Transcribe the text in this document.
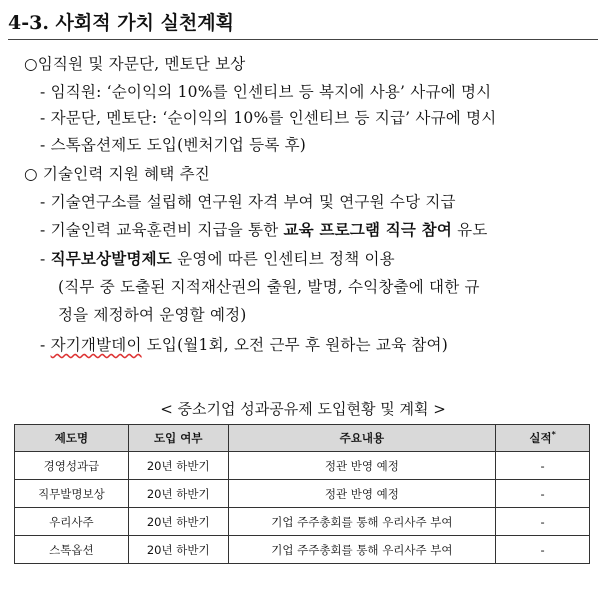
4-3. 사회적 가치 실천계획
○임직원 및 자문단, 멘토단 보상
- 임직원: ‘순이익의 10%를 인센티브 등 복지에 사용’ 사규에 명시
- 자문단, 멘토단: ‘순이익의 10%를 인센티브 등 지급’ 사규에 명시
- 스톡옵션제도 도입(벤처기업 등록 후)
○ 기술인력 지원 혜택 추진
- 기술연구소를 설립해 연구원 자격 부여 및 연구원 수당 지급
- 기술인력 교육훈련비 지급을 통한 교육 프로그램 직극 참여 유도
- 직무보상발명제도 운영에 따른 인센티브 정책 이용
(직무 중 도출된 지적재산권의 출원, 발명, 수익창출에 대한 규
정을 제정하여 운영할 예정)
- 자기개발데이 도입(월1회, 오전 근무 후 원하는 교육 참여)
< 중소기업 성과공유제 도입현황 및 계획 >
제도명	도입 여부	주요내용	실적*
경영성과급	20년 하반기	정관 반영 예정	-
직무발명보상	20년 하반기	정관 반영 예정	-
우리사주	20년 하반기	기업 주주총회를 통해 우리사주 부여	-
스톡옵션	20년 하반기	기업 주주총회를 통해 우리사주 부여	-
